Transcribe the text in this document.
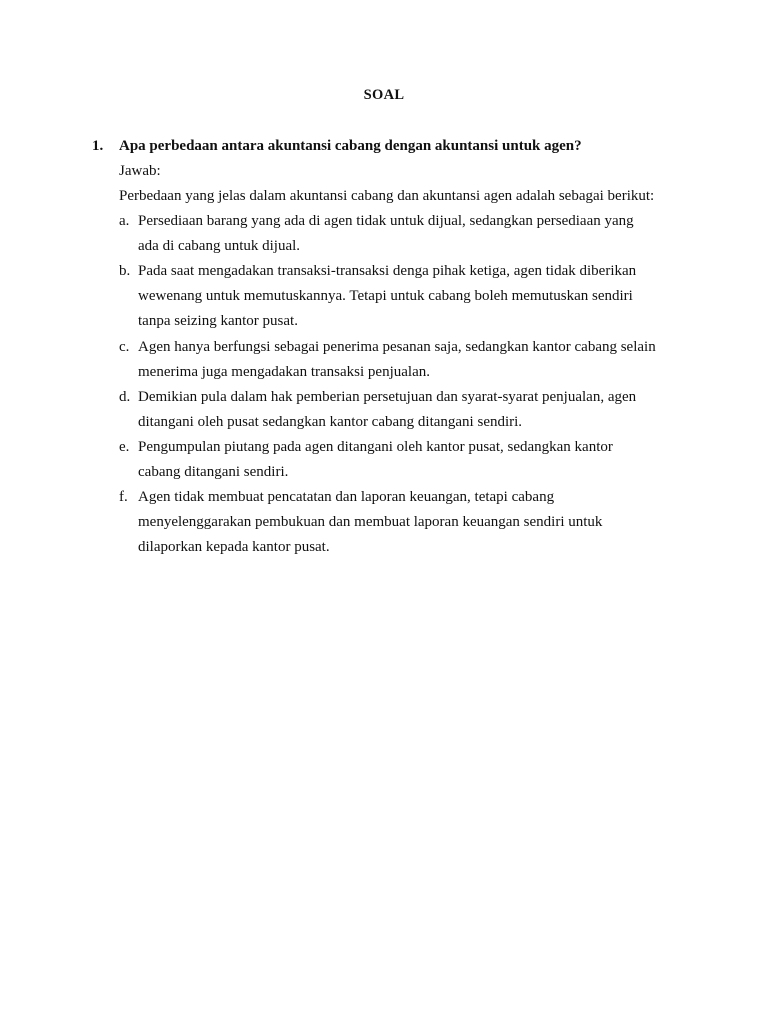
SOAL
1. Apa perbedaan antara akuntansi cabang dengan akuntansi untuk agen?
Jawab:
Perbedaan yang jelas dalam akuntansi cabang dan akuntansi agen adalah sebagai berikut:
a. Persediaan barang yang ada di agen tidak untuk dijual, sedangkan persediaan yang
ada di cabang untuk dijual.
b. Pada saat mengadakan transaksi-transaksi denga pihak ketiga, agen tidak diberikan
wewenang untuk memutuskannya. Tetapi untuk cabang boleh memutuskan sendiri
tanpa seizing kantor pusat.
c. Agen hanya berfungsi sebagai penerima pesanan saja, sedangkan kantor cabang selain
menerima juga mengadakan transaksi penjualan.
d. Demikian pula dalam hak pemberian persetujuan dan syarat-syarat penjualan, agen
ditangani oleh pusat sedangkan kantor cabang ditangani sendiri.
e. Pengumpulan piutang pada agen ditangani oleh kantor pusat, sedangkan kantor
cabang ditangani sendiri.
f. Agen tidak membuat pencatatan dan laporan keuangan, tetapi cabang
menyelenggarakan pembukuan dan membuat laporan keuangan sendiri untuk
dilaporkan kepada kantor pusat.
